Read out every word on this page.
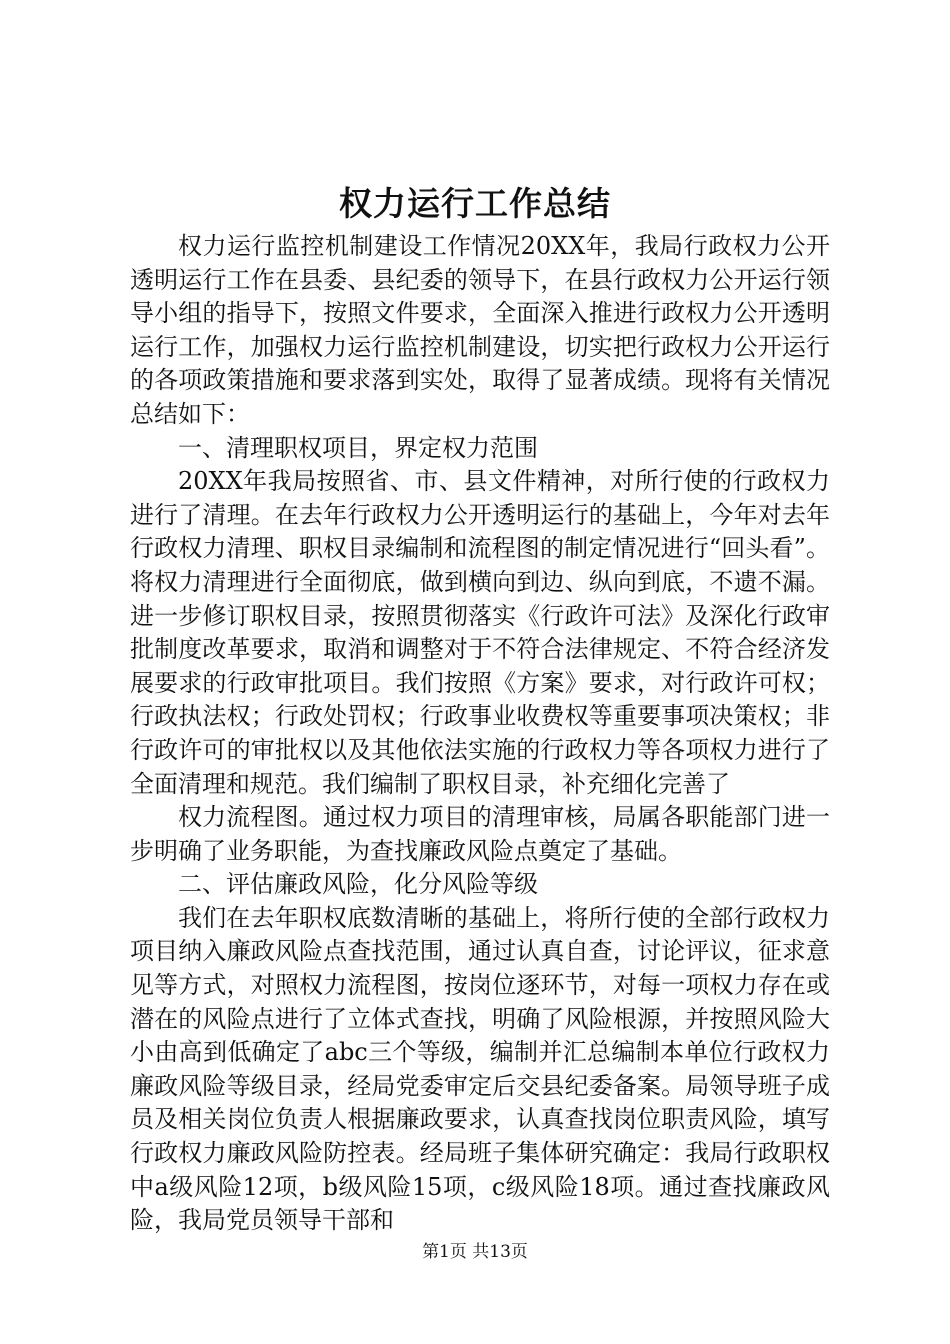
权力运行工作总结

权力运行监控机制建设工作情况20XX年，我局行政权力公开透明运行工作在县委、县纪委的领导下，在县行政权力公开运行领导小组的指导下，按照文件要求，全面深入推进行政权力公开透明运行工作，加强权力运行监控机制建设，切实把行政权力公开运行的各项政策措施和要求落到实处，取得了显著成绩。现将有关情况总结如下：

一、清理职权项目，界定权力范围

20XX年我局按照省、市、县文件精神，对所行使的行政权力进行了清理。在去年行政权力公开透明运行的基础上，今年对去年行政权力清理、职权目录编制和流程图的制定情况进行“回头看”。将权力清理进行全面彻底，做到横向到边、纵向到底，不遗不漏。进一步修订职权目录，按照贯彻落实《行政许可法》及深化行政审批制度改革要求，取消和调整对于不符合法律规定、不符合经济发展要求的行政审批项目。我们按照《方案》要求，对行政许可权；行政执法权；行政处罚权；行政事业收费权等重要事项决策权；非行政许可的审批权以及其他依法实施的行政权力等各项权力进行了全面清理和规范。我们编制了职权目录，补充细化完善了

权力流程图。通过权力项目的清理审核，局属各职能部门进一步明确了业务职能，为查找廉政风险点奠定了基础。

二、评估廉政风险，化分风险等级

我们在去年职权底数清晰的基础上，将所行使的全部行政权力项目纳入廉政风险点查找范围，通过认真自查，讨论评议，征求意见等方式，对照权力流程图，按岗位逐环节，对每一项权力存在或潜在的风险点进行了立体式查找，明确了风险根源，并按照风险大小由高到低确定了abc三个等级，编制并汇总编制本单位行政权力廉政风险等级目录，经局党委审定后交县纪委备案。局领导班子成员及相关岗位负责人根据廉政要求，认真查找岗位职责风险，填写行政权力廉政风险防控表。经局班子集体研究确定：我局行政职权中a级风险12项，b级风险15项，c级风险18项。通过查找廉政风险，我局党员领导干部和

第1页 共13页
